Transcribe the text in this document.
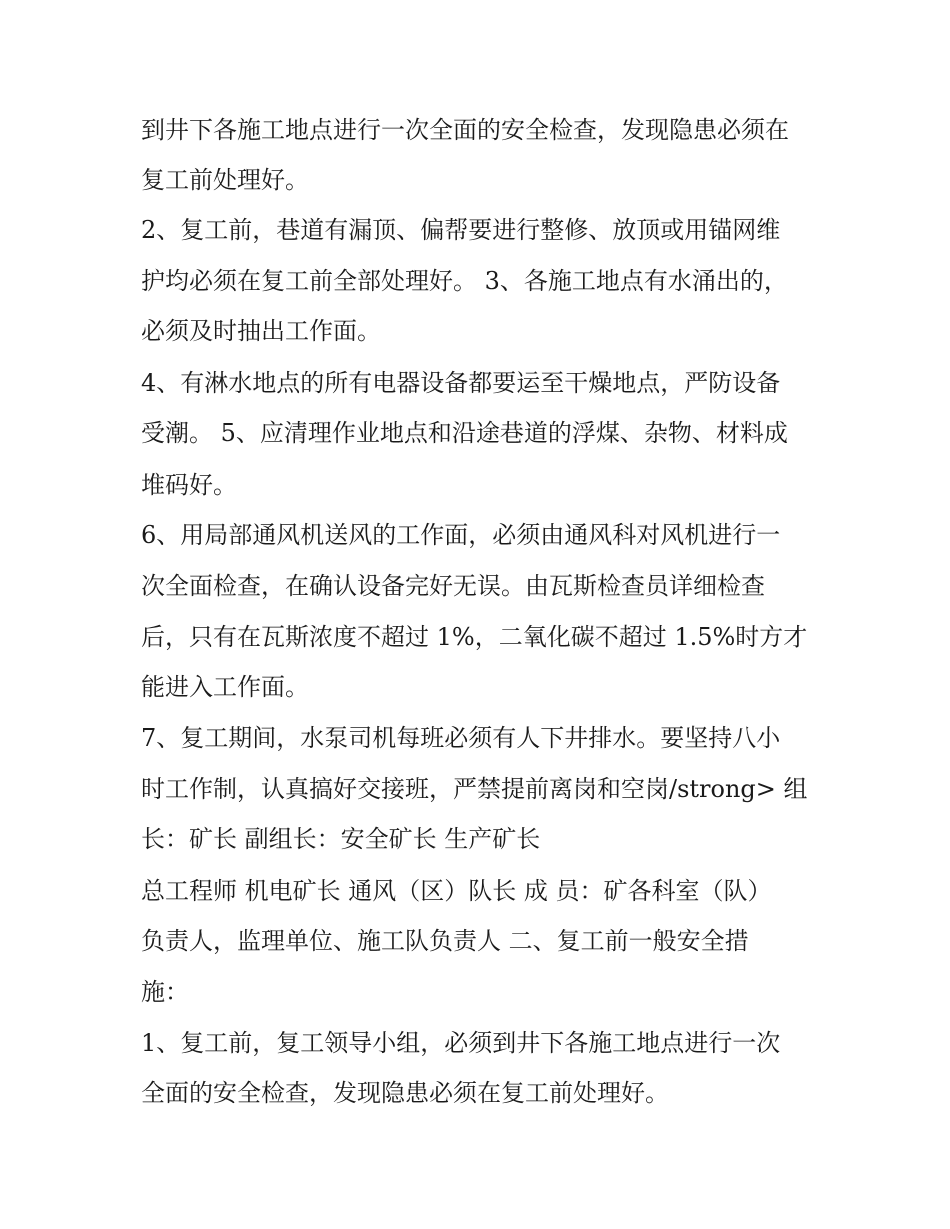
到井下各施工地点进行一次全面的安全检查，发现隐患必须在
复工前处理好。
2、复工前，巷道有漏顶、偏帮要进行整修、放顶或用锚网维
护均必须在复工前全部处理好。 3、各施工地点有水涌出的，
必须及时抽出工作面。
4、有淋水地点的所有电器设备都要运至干燥地点，严防设备
受潮。 5、应清理作业地点和沿途巷道的浮煤、杂物、材料成
堆码好。
6、用局部通风机送风的工作面，必须由通风科对风机进行一
次全面检查，在确认设备完好无误。由瓦斯检查员详细检查
后，只有在瓦斯浓度不超过 1%，二氧化碳不超过 1.5%时方才
能进入工作面。
7、复工期间，水泵司机每班必须有人下井排水。要坚持八小
时工作制，认真搞好交接班，严禁提前离岗和空岗/strong> 组
长：矿长 副组长：安全矿长 生产矿长
总工程师 机电矿长 通风（区）队长 成 员：矿各科室（队）
负责人，监理单位、施工队负责人 二、复工前一般安全措
施：
1、复工前，复工领导小组，必须到井下各施工地点进行一次
全面的安全检查，发现隐患必须在复工前处理好。
